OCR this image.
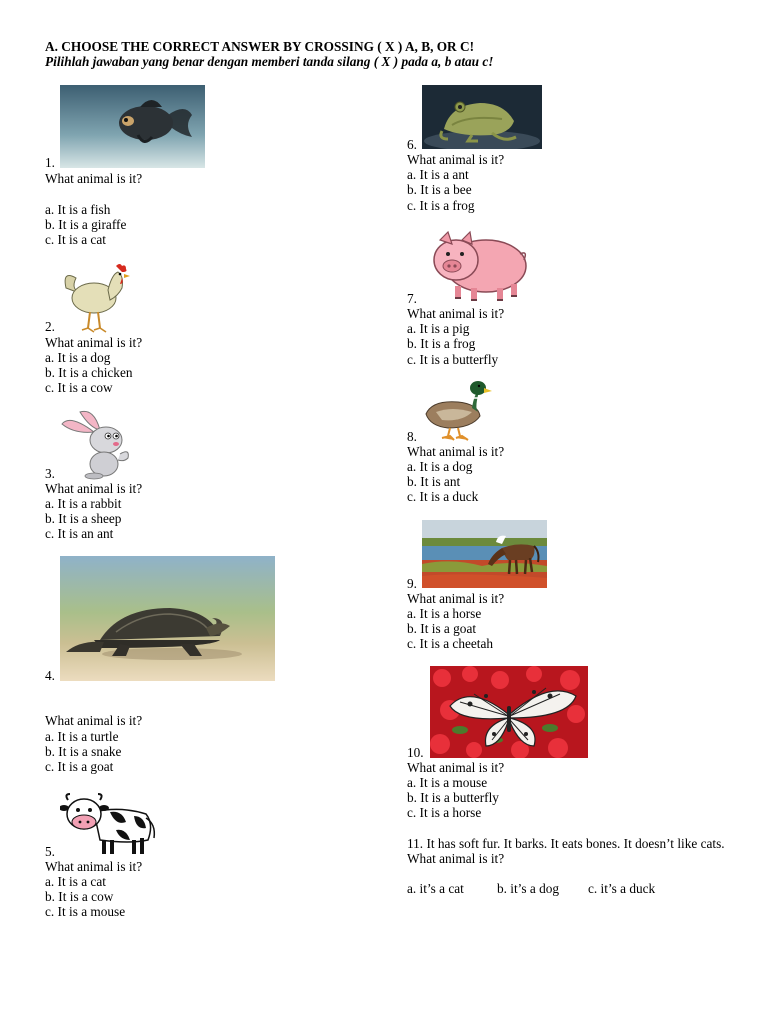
A. CHOOSE THE CORRECT ANSWER BY CROSSING ( X ) A, B, OR C!
Pilihlah jawaban yang benar dengan memberi tanda silang ( X ) pada a, b atau c!
1.
What animal is it?
a. It is a fish
b. It is a giraffe
c. It is a cat
2.
What animal is it?
a. It is a dog
b. It is a chicken
c. It is a cow
3.
What animal is it?
a. It is a rabbit
b. It is a sheep
c. It is an ant
4.
What animal is it?
a. It is a turtle
b. It is a snake
c. It is a goat
5.
What animal is it?
a. It is a cat
b. It is a cow
c. It is a mouse
6.
What animal is it?
a. It is a ant
b. It is a bee
c. It is a frog
7.
What animal is it?
a. It is a pig
b. It is a frog
c. It is a butterfly
8.
What animal is it?
a. It is a dog
b. It is ant
c. It is a duck
9.
What animal is it?
a. It is a horse
b. It is a goat
c. It is a cheetah
10.
What animal is it?
a. It is a mouse
b. It is a butterfly
c. It is a horse
11. It has soft fur. It barks. It eats bones. It doesn’t like cats. What animal is it?
a. it’s a cat b. it’s a dog c. it’s a duck
